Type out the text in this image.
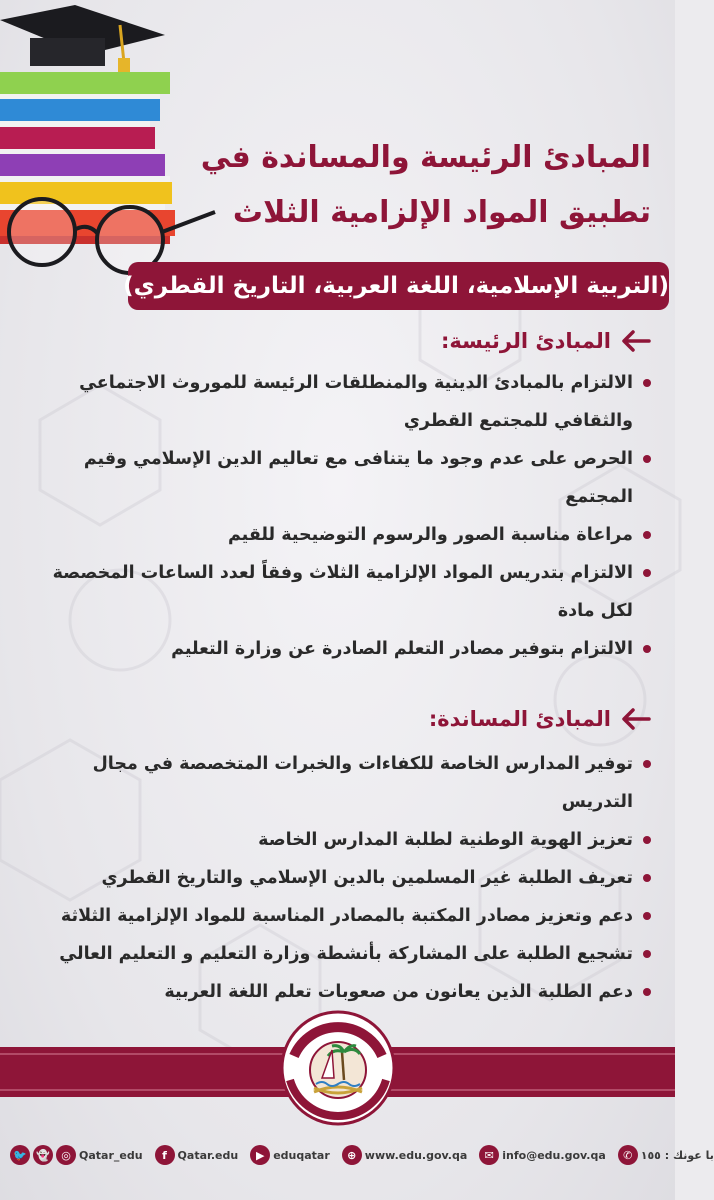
المبادئ الرئيسة والمساندة في
تطبيق المواد الإلزامية الثلاث
(التربية الإسلامية، اللغة العربية، التاريخ القطري)
المبادئ الرئيسة:
الالتزام بالمبادئ الدينية والمنطلقات الرئيسة للموروث الاجتماعي والثقافي للمجتمع القطري
الحرص على عدم وجود ما يتنافى مع تعاليم الدين الإسلامي وقيم المجتمع
مراعاة مناسبة الصور والرسوم التوضيحية للقيم
الالتزام بتدريس المواد الإلزامية الثلاث وفقاً لعدد الساعات المخصصة لكل مادة
الالتزام بتوفير مصادر التعلم الصادرة عن وزارة التعليم
المبادئ المساندة:
توفير المدارس الخاصة للكفاءات والخبرات المتخصصة في مجال التدريس
تعزيز الهوية الوطنية لطلبة المدارس الخاصة
تعريف الطلبة غير المسلمين بالدين الإسلامي والتاريخ القطري
دعم وتعزيز مصادر المكتبة بالمصادر المناسبة للمواد الإلزامية الثلاثة
تشجيع الطلبة على المشاركة بأنشطة وزارة التعليم و التعليم العالي
دعم الطلبة الذين يعانون من صعوبات تعلم اللغة العربية
🐦 👻	◎ Qatar_edu	f Qatar.edu	▶ eduqatar	⊕ www.edu.gov.qa	✉ info@edu.gov.qa	✆ با عونك : ١٥٥
